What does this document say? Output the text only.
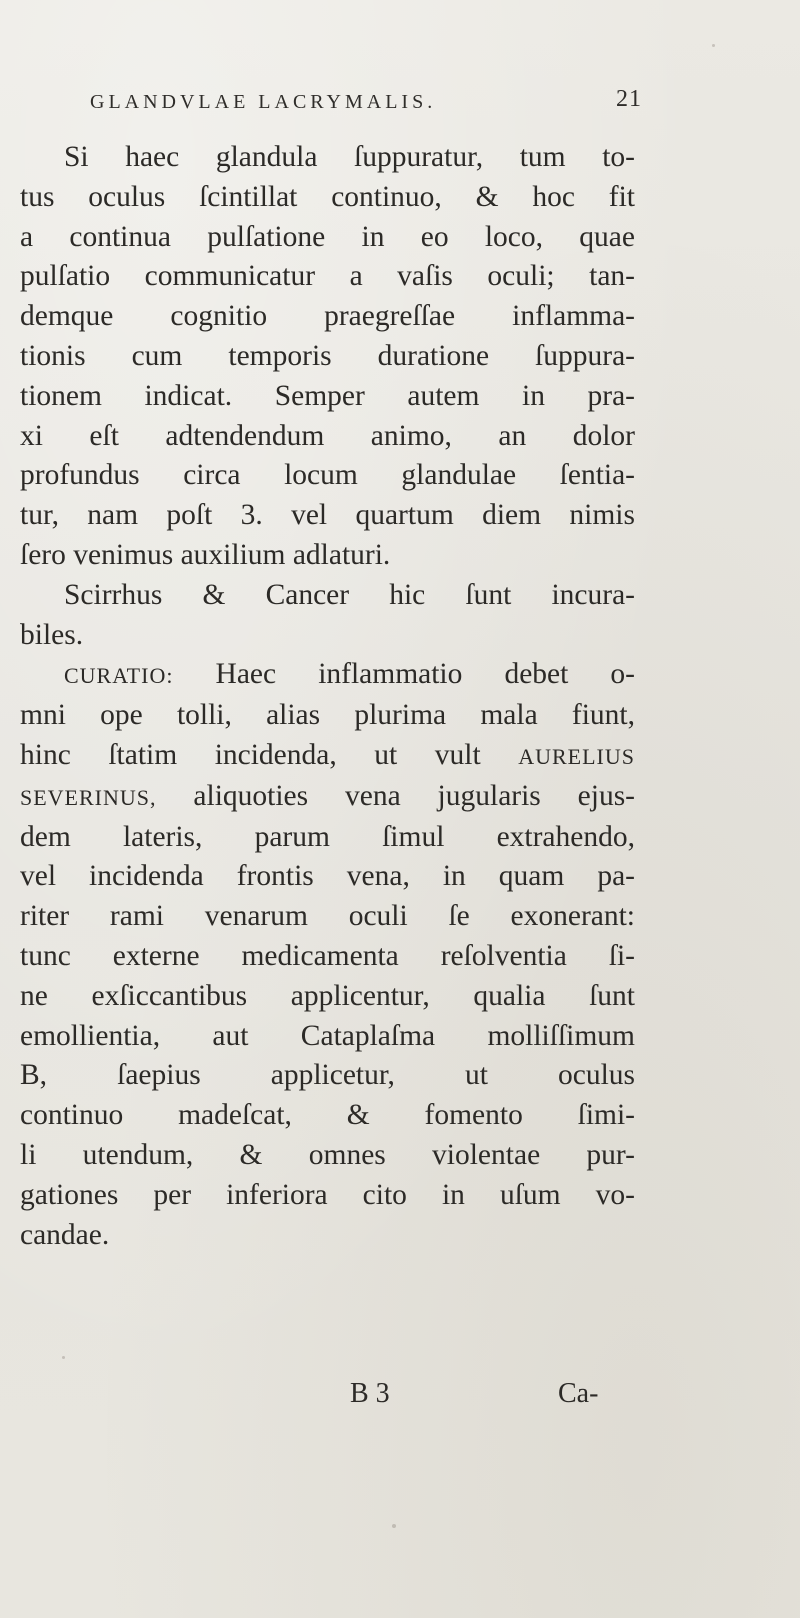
GLANDVLAE LACRYMALIS.	21
Si haec glandula ſuppuratur, tum to-
tus oculus ſcintillat continuo, & hoc fit
a continua pulſatione in eo loco, quae
pulſatio communicatur a vaſis oculi; tan-
demque cognitio praegreſſae inflamma-
tionis cum temporis duratione ſuppura-
tionem indicat. Semper autem in pra-
xi eſt adtendendum animo, an dolor
profundus circa locum glandulae ſentia-
tur, nam poſt 3. vel quartum diem nimis
ſero venimus auxilium adlaturi.
Scirrhus & Cancer hic ſunt incura-
biles.
CURATIO: Haec inflammatio debet o-
mni ope tolli, alias plurima mala fiunt,
hinc ſtatim incidenda, ut vult AURELIUS
SEVERINUS, aliquoties vena jugularis ejus-
dem lateris, parum ſimul extrahendo,
vel incidenda frontis vena, in quam pa-
riter rami venarum oculi ſe exonerant:
tunc externe medicamenta reſolventia ſi-
ne exſiccantibus applicentur, qualia ſunt
emollientia, aut Cataplaſma molliſſimum
B, ſaepius applicetur, ut oculus
continuo madeſcat, & fomento ſimi-
li utendum, & omnes violentae pur-
gationes per inferiora cito in uſum vo-
candae.
B 3	Ca-
